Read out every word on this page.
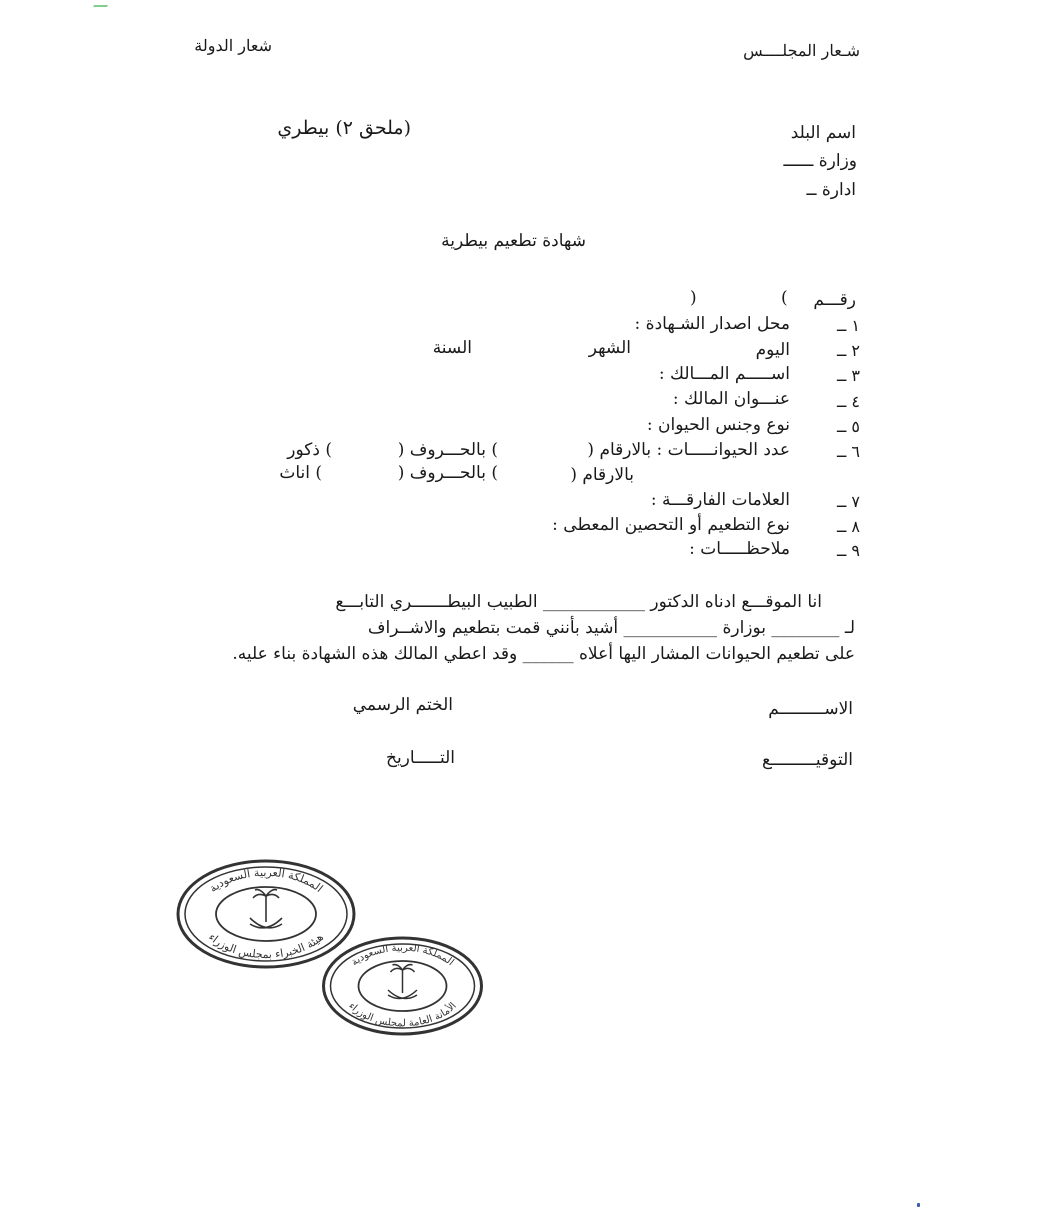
شـعار المجلــــس
شعار الدولة
(ملحق ٢) بيطري	اسم البلد
وزارة ــــــ
ادارة ــ
شهادة تطعيم بيطرية
رقـــم
(
)
١ ــ
٢ ــ
٣ ــ
٤ ــ
٥ ــ
٦ ــ
٧ ــ
٨ ــ
٩ ــ
محل اصدار الشـهادة :
اليوم
الشهر
السنة
اســـــم المـــالك :
عنـــوان المالك :
نوع وجنس الحيوان :
عدد الحيوانـــــات : بالارقام (
) بالحـــروف (
) ذكور
بالارقام (
) بالحـــروف (
) اناث
العلامات الفارقـــة :
نوع التطعيم أو التحصين المعطى :
ملاحظـــــات :
انا الموقـــع ادناه الدكتور ____________ الطبيب البيطـــــــري التابـــع
لـ ________ بوزارة ___________ أشيد بأنني قمت بتطعيم والاشــراف
على تطعيم الحيوانات المشار اليها أعلاه ______ وقد اعطي المالك هذه الشهادة بناء عليه.
الاســـــــــم
الختم الرسمي
التوقيـــــــــع
التـــــاريخ
المملكة العربية السعودية
هيئة الخبراء بمجلس الوزراء
المملكة العربية السعودية
الأمانة العامة لمجلس الوزراء
